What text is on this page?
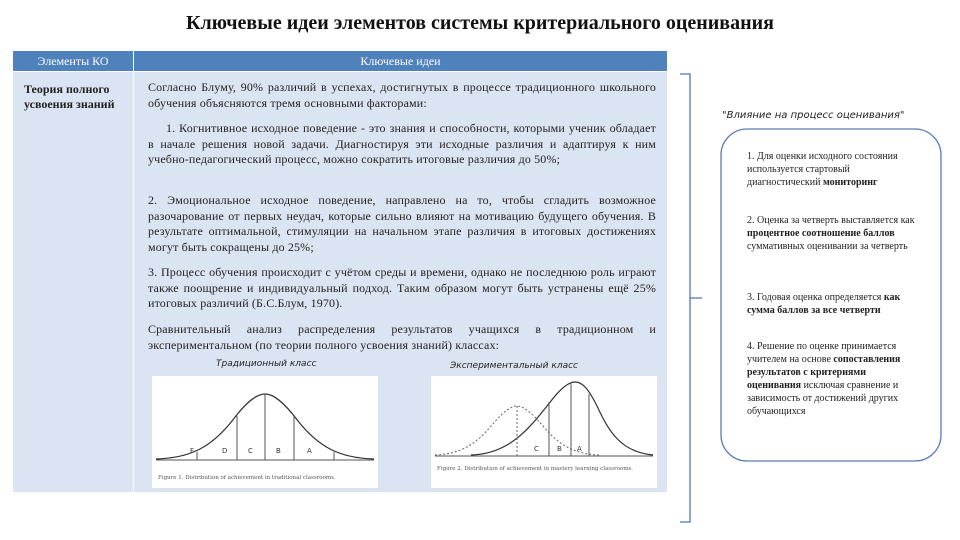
Ключевые идеи элементов системы критериального оценивания
Элементы КО	Ключевые идеи
Теория полного усвоения знаний
Согласно Блуму, 90% различий в успехах, достигнутых в процессе традиционного школьного обучения объясняются тремя основными факторами:
1. Когнитивное исходное поведение - это знания и способности, которыми ученик обладает в начале решения новой задачи. Диагностируя эти исходные различия и адаптируя к ним учебно-педагогический процесс, можно сократить итоговые различия до 50%;
2. Эмоциональное исходное поведение, направлено на то, чтобы сгладить возможное разочарование от первых неудач, которые сильно влияют на мотивацию будущего обучения. В результате оптимальной, стимуляции на начальном этапе различия в итоговых достижениях могут быть сокращены до 25%;
3. Процесс обучения происходит с учётом среды и времени, однако не последнюю роль играют также поощрение и индивидуальный подход. Таким образом могут быть устранены ещё 25% итоговых различий (Б.С.Блум, 1970).
Сравнительный анализ распределения результатов учащихся в традиционном и экспериментальном (по теории полного усвоения знаний) классах:
Традиционный класс	Экспериментальный класс
F	D	C	B	A
Figure 1. Distribution of achievement in traditional classrooms.
C	B A
Figure 2. Distribution of achievement in mastery learning classrooms.
"Влияние на процесс оценивания"
1. Для оценки исходного состояния используется стартовый диагностический мониторинг
2. Оценка за четверть выставляется как процентное соотношение баллов суммативных оценивании за четверть
3. Годовая оценка определяется как сумма баллов за все четверти
4. Решение по оценке принимается учителем на основе сопоставления результатов с критериями оценивания исключая сравнение и зависимость от достижений других обучающихся
